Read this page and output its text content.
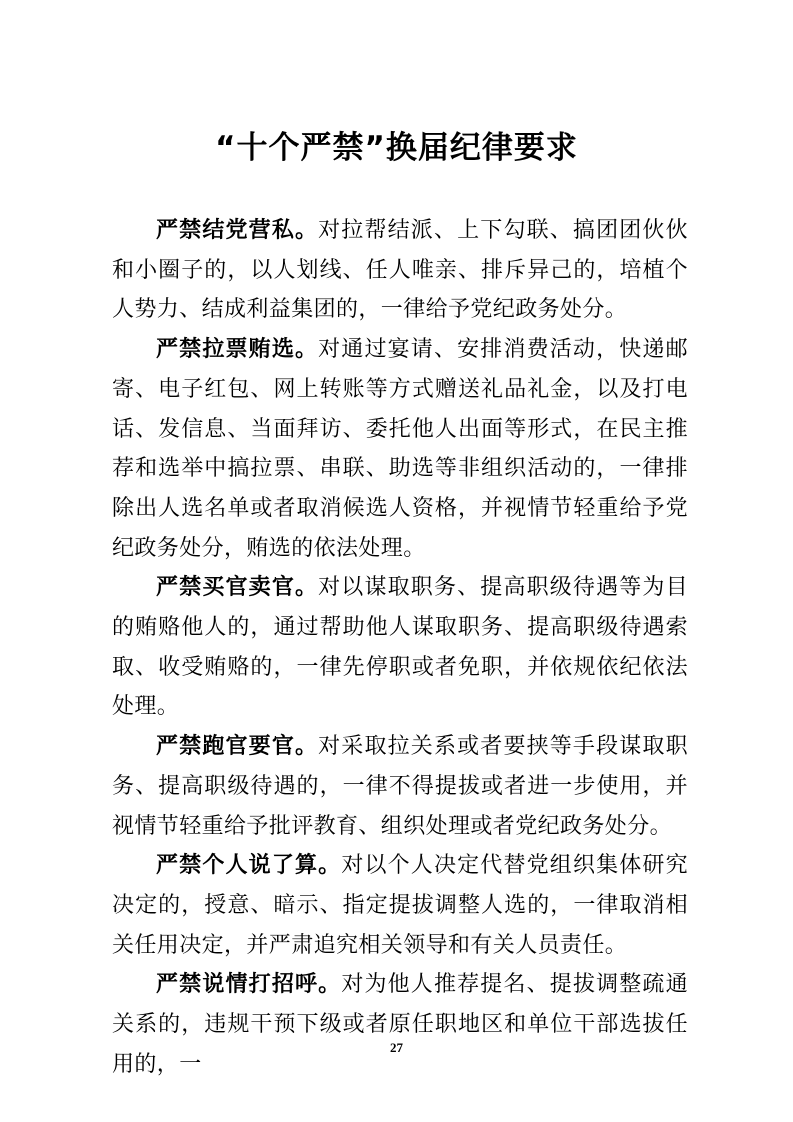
“十个严禁”换届纪律要求

严禁结党营私。对拉帮结派、上下勾联、搞团团伙伙和小圈子的，以人划线、任人唯亲、排斥异己的，培植个人势力、结成利益集团的，一律给予党纪政务处分。

严禁拉票贿选。对通过宴请、安排消费活动，快递邮寄、电子红包、网上转账等方式赠送礼品礼金，以及打电话、发信息、当面拜访、委托他人出面等形式，在民主推荐和选举中搞拉票、串联、助选等非组织活动的，一律排除出人选名单或者取消候选人资格，并视情节轻重给予党纪政务处分，贿选的依法处理。

严禁买官卖官。对以谋取职务、提高职级待遇等为目的贿赂他人的，通过帮助他人谋取职务、提高职级待遇索取、收受贿赂的，一律先停职或者免职，并依规依纪依法处理。

严禁跑官要官。对采取拉关系或者要挟等手段谋取职务、提高职级待遇的，一律不得提拔或者进一步使用，并视情节轻重给予批评教育、组织处理或者党纪政务处分。

严禁个人说了算。对以个人决定代替党组织集体研究决定的，授意、暗示、指定提拔调整人选的，一律取消相关任用决定，并严肃追究相关领导和有关人员责任。

严禁说情打招呼。对为他人推荐提名、提拔调整疏通关系的，违规干预下级或者原任职地区和单位干部选拔任用的，一

27
